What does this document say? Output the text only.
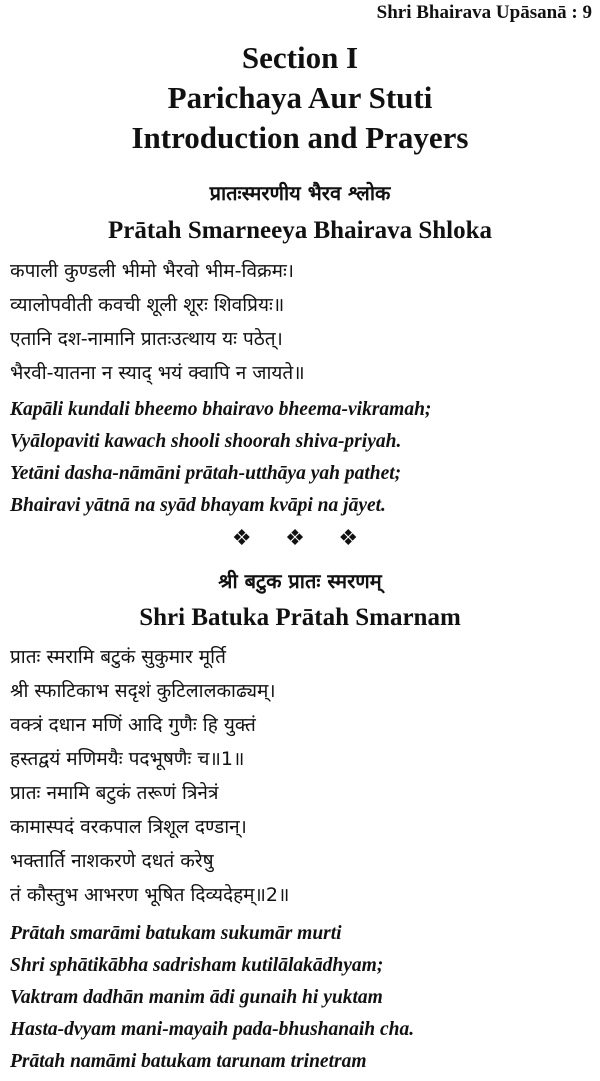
Shri Bhairava Upāsanā : 9
Section I
Parichaya Aur Stuti
Introduction and Prayers
प्रातःस्मरणीय भैरव श्लोक
Prātah Smarneeya Bhairava Shloka
कपाली कुण्डली भीमो भैरवो भीम-विक्रमः।
व्यालोपवीती कवची शूली शूरः शिवप्रियः॥
एतानि दश-नामानि प्रातःउत्थाय यः पठेत्।
भैरवी-यातना न स्याद् भयं क्वापि न जायते॥
Kapāli kundali bheemo bhairavo bheema-vikramah;
Vyālopaviti kawach shooli shoorah shiva-priyah.
Yetāni dasha-nāmāni prātah-utthāya yah pathet;
Bhairavi yātnā na syād bhayam kvāpi na jāyet.
❖ ❖ ❖
श्री बटुक प्रातः स्मरणम्
Shri Batuka Prātah Smarnam
प्रातः स्मरामि बटुकं सुकुमार मूर्ति
श्री स्फाटिकाभ सदृशं कुटिलालकाढ्यम्।
वक्त्रं दधान मणिं आदि गुणैः हि युक्तं
हस्तद्वयं मणिमयैः पदभूषणैः च॥1॥
प्रातः नमामि बटुकं तरूणं त्रिनेत्रं
कामास्पदं वरकपाल त्रिशूल दण्डान्।
भक्तार्ति नाशकरणे दधतं करेषु
तं कौस्तुभ आभरण भूषित दिव्यदेहम्॥2॥
Prātah smarāmi batukam sukumār murti
Shri sphātikābha sadrisham kutilālakādhyam;
Vaktram dadhān manim ādi gunaih hi yuktam
Hasta-dvyam mani-mayaih pada-bhushanaih cha.
Prātah namāmi batukam tarunam trinetram
